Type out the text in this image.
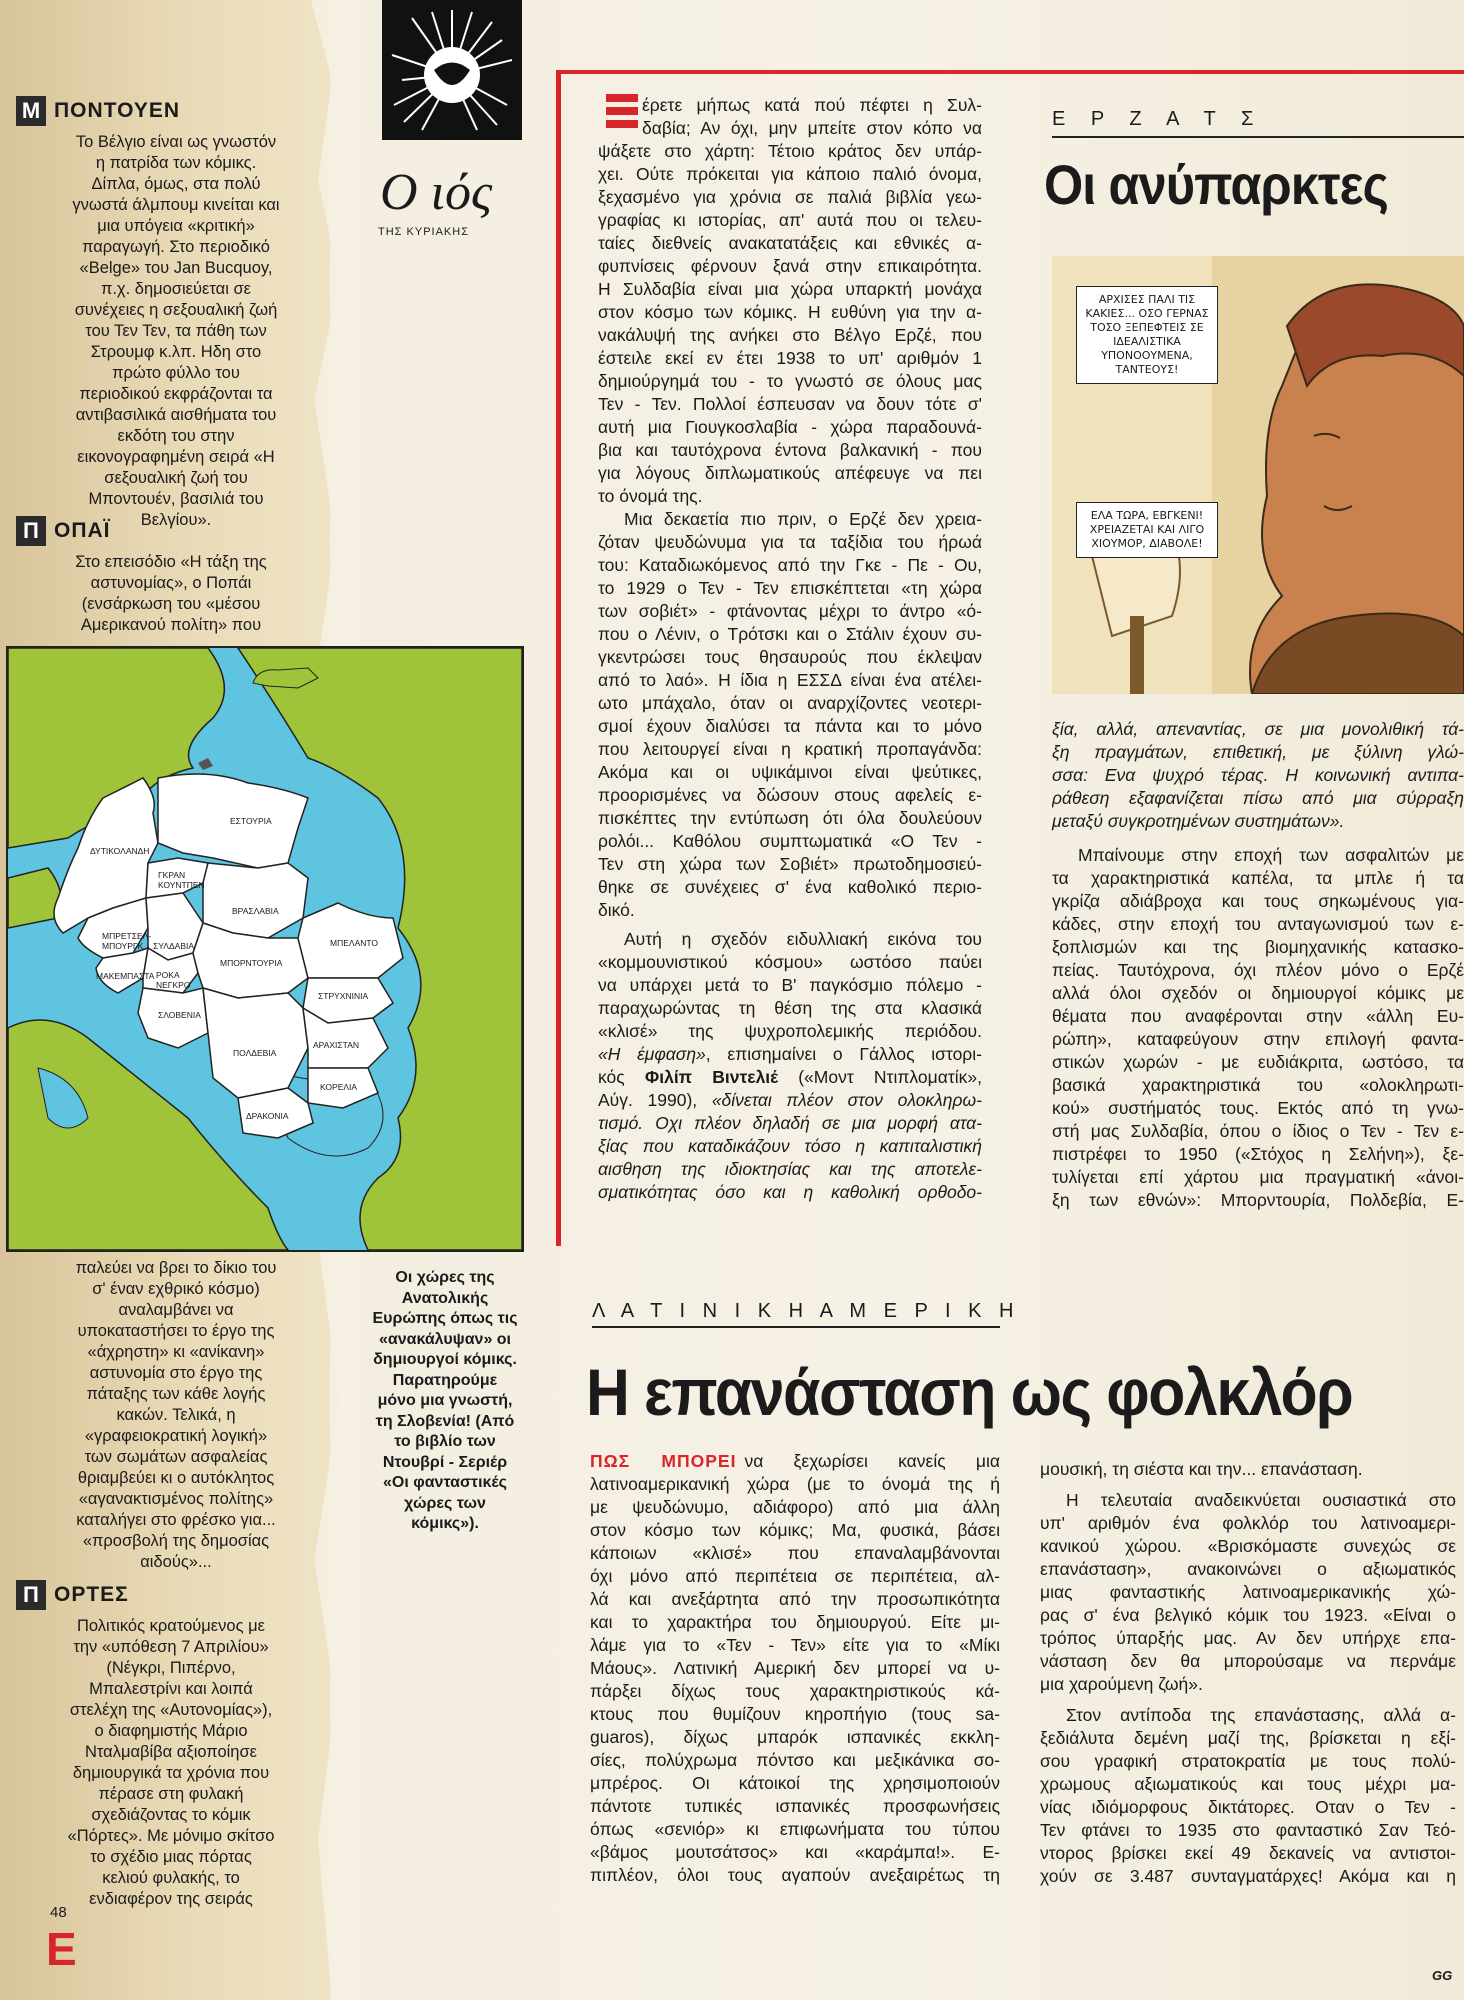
Μ ΠΟΝΤΟΥΕΝ
Το Βέλγιο είναι ως γνωστόν
η πατρίδα των κόμικς.
Δίπλα, όμως, στα πολύ
γνωστά άλμπουμ κινείται και
μια υπόγεια «κριτική»
παραγωγή. Στο περιοδικό
«Belge» του Jan Bucquoy,
π.χ. δημοσιεύεται σε
συνέχειες η σεξουαλική ζωή
του Τεν Τεν, τα πάθη των
Στρουμφ κ.λπ. Ηδη στο
πρώτο φύλλο του
περιοδικού εκφράζονται τα
αντιβασιλικά αισθήματα του
εκδότη του στην
εικονογραφημένη σειρά «Η
σεξουαλική ζωή του
Μποντουέν, βασιλιά του
Βελγίου».
Π ΟΠΑΪ
Στο επεισόδιο «Η τάξη της
αστυνομίας», ο Ποπάι
(ενσάρκωση του «μέσου
Αμερικανού πολίτη» που
ΔΥΤΙΚΟΛΑΝΔΗ
ΕΣΤΟΥΡΙΑ
ΓΚΡΑΝ ΚΟΥΝΤΠΕΝ
ΒΡΑΣΛΑΒΙΑ
ΜΠΡΕΤΣΕΛ-ΜΠΟΥΡΓΚ	ΣΥΛΔΑΒΙΑ
ΜΑΚΕΜΠΑΣΤΑ ΡΟΚΑ ΝΕΓΚΡΟ
ΣΛΟΒΕΝΙΑ
ΜΠΟΡΝΤΟΥΡΙΑ
ΜΠΕΛΑΝΤΟ
ΣΤΡΥΧΝΙΝΙΑ
ΠΟΛΔΕΒΙΑ
ΑΡΑΧΙΣΤΑΝ
ΚΟΡΕΛΙΑ
ΔΡΑΚΟΝΙΑ
παλεύει να βρει το δίκιο του
σ' έναν εχθρικό κόσμο)
αναλαμβάνει να
υποκαταστήσει το έργο της
«άχρηστη» κι «ανίκανη»
αστυνομία στο έργο της
πάταξης των κάθε λογής
κακών. Τελικά, η
«γραφειοκρατική λογική»
των σωμάτων ασφαλείας
θριαμβεύει κι ο αυτόκλητος
«αγανακτισμένος πολίτης»
καταλήγει στο φρέσκο για...
«προσβολή της δημοσίας
αιδούς»...
Οι χώρες της
Ανατολικής
Ευρώπης όπως τις
«ανακάλυψαν» οι
δημιουργοί κόμικς.
Παρατηρούμε
μόνο μια γνωστή,
τη Σλοβενία! (Από
το βιβλίο των
Ντουβρί - Σεριέρ
«Οι φανταστικές
χώρες των
κόμικς»).
Π ΟΡΤΕΣ
Πολιτικός κρατούμενος με
την «υπόθεση 7 Απριλίου»
(Νέγκρι, Πιπέρνο,
Μπαλεστρίνι και λοιπά
στελέχη της «Αυτονομίας»),
ο διαφημιστής Μάριο
Νταλμαβίβα αξιοποίησε
δημιουργικά τα χρόνια που
πέρασε στη φυλακή
σχεδιάζοντας το κόμικ
«Πόρτες». Με μόνιμο σκίτσο
το σχέδιο μιας πόρτας
κελιού φυλακής, το
ενδιαφέρον της σειράς
48
Ε
Ο ιός
ΤΗΣ ΚΥΡΙΑΚΗΣ
έρετε μήπως κατά πού πέφτει η Συλ-
δαβία; Αν όχι, μην μπείτε στον κόπο να
ψάξετε στο χάρτη: Τέτοιο κράτος δεν υπάρ-
χει. Ούτε πρόκειται για κάποιο παλιό όνομα,
ξεχασμένο για χρόνια σε παλιά βιβλία γεω-
γραφίας κι ιστορίας, απ' αυτά που οι τελευ-
ταίες διεθνείς ανακατατάξεις και εθνικές α-
φυπνίσεις φέρνουν ξανά στην επικαιρότητα.
Η Συλδαβία είναι μια χώρα υπαρκτή μονάχα
στον κόσμο των κόμικς. Η ευθύνη για την α-
νακάλυψή της ανήκει στο Βέλγο Ερζέ, που
έστειλε εκεί εν έτει 1938 το υπ' αριθμόν 1
δημιούργημά του - το γνωστό σε όλους μας
Τεν - Τεν. Πολλοί έσπευσαν να δουν τότε σ'
αυτή μια Γιουγκοσλαβία - χώρα παραδουνά-
βια και ταυτόχρονα έντονα βαλκανική - που
για λόγους διπλωματικούς απέφευγε να πει
το όνομά της.
Μια δεκαετία πιο πριν, ο Ερζέ δεν χρεια-
ζόταν ψευδώνυμα για τα ταξίδια του ήρωά
του: Καταδιωκόμενος από την Γκε - Πε - Ου,
το 1929 ο Τεν - Τεν επισκέπτεται «τη χώρα
των σοβιέτ» - φτάνοντας μέχρι το άντρο «ό-
που ο Λένιν, ο Τρότσκι και ο Στάλιν έχουν συ-
γκεντρώσει τους θησαυρούς που έκλεψαν
από το λαό». Η ίδια η ΕΣΣΔ είναι ένα ατέλει-
ωτο μπάχαλο, όταν οι αναρχίζοντες νεοτερι-
σμοί έχουν διαλύσει τα πάντα και το μόνο
που λειτουργεί είναι η κρατική προπαγάνδα:
Ακόμα και οι υψικάμινοι είναι ψεύτικες,
προορισμένες να δώσουν στους αφελείς ε-
πισκέπτες την εντύπωση ότι όλα δουλεύουν
ρολόι... Καθόλου συμπτωματικά «Ο Τεν -
Τεν στη χώρα των Σοβιέτ» πρωτοδημοσιεύ-
θηκε σε συνέχειες σ' ένα καθολικό περιο-
δικό.
Αυτή η σχεδόν ειδυλλιακή εικόνα του
«κομμουνιστικού κόσμου» ωστόσο παύει
να υπάρχει μετά το Β' παγκόσμιο πόλεμο -
παραχωρώντας τη θέση της στα κλασικά
«κλισέ» της ψυχροπολεμικής περιόδου.
«Η έμφαση», επισημαίνει ο Γάλλος ιστορι-
κός Φιλίπ Βιντελιέ («Μοντ Ντιπλοματίκ»,
Αύγ. 1990), «δίνεται πλέον στον ολοκληρω-
τισμό. Οχι πλέον δηλαδή σε μια μορφή ατα-
ξίας που καταδικάζουν τόσο η καπιταλιστική
αισθηση της ιδιοκτησίας και της αποτελε-
σματικότητας όσο και η καθολική ορθοδο-
Ε Ρ Ζ Α Τ Σ
Οι ανύπαρκτες
ΑΡΧΙΣΕΣ ΠΑΛΙ ΤΙΣ ΚΑΚΙΕΣ... ΟΣΟ ΓΕΡΝΑΣ ΤΟΣΟ ΞΕΠΕΦΤΕΙΣ ΣΕ ΙΔΕΑΛΙΣΤΙΚΑ ΥΠΟΝΟΟΥΜΕΝΑ, ΤΑΝΤΕΟΥΣ!
ΕΛΑ ΤΩΡΑ, ΕΒΓΚΕΝΙ! ΧΡΕΙΑΖΕΤΑΙ ΚΑΙ ΛΙΓΟ ΧΙΟΥΜΟΡ, ΔΙΑΒΟΛΕ!
ξία, αλλά, απεναντίας, σε μια μονολιθική τά-
ξη πραγμάτων, επιθετική, με ξύλινη γλώ-
σσα: Ενα ψυχρό τέρας. Η κοινωνική αντιπα-
ράθεση εξαφανίζεται πίσω από μια σύρραξη
μεταξύ συγκροτημένων συστημάτων».
Μπαίνουμε στην εποχή των ασφαλιτών με
τα χαρακτηριστικά καπέλα, τα μπλε ή τα
γκρίζα αδιάβροχα και τους σηκωμένους για-
κάδες, στην εποχή του ανταγωνισμού των ε-
ξοπλισμών και της βιομηχανικής κατασκο-
πείας. Ταυτόχρονα, όχι πλέον μόνο ο Ερζέ
αλλά όλοι σχεδόν οι δημιουργοί κόμικς με
θέματα που αναφέρονται στην «άλλη Ευ-
ρώπη», καταφεύγουν στην επιλογή φαντα-
στικών χωρών - με ευδιάκριτα, ωστόσο, τα
βασικά χαρακτηριστικά του «ολοκληρωτι-
κού» συστήματός τους. Εκτός από τη γνω-
στή μας Συλδαβία, όπου ο ίδιος ο Τεν - Τεν ε-
πιστρέφει το 1950 («Στόχος η Σελήνη»), ξε-
τυλίγεται επί χάρτου μια πραγματική «άνοι-
ξη των εθνών»: Μπορντουρία, Πολδεβία, Ε-
Λ Α Τ Ι Ν Ι Κ Η Α Μ Ε Ρ Ι Κ Η
Η επανάσταση ως φολκλόρ
ΠΩΣ ΜΠΟΡΕΙ να ξεχωρίσει κανείς μια
λατινοαμερικανική χώρα (με το όνομά της ή
με ψευδώνυμο, αδιάφορο) από μια άλλη
στον κόσμο των κόμικς; Μα, φυσικά, βάσει
κάποιων «κλισέ» που επαναλαμβάνονται
όχι μόνο από περιπέτεια σε περιπέτεια, αλ-
λά και ανεξάρτητα από την προσωπικότητα
και το χαρακτήρα του δημιουργού. Είτε μι-
λάμε για το «Τεν - Τεν» είτε για το «Μίκι
Μάους». Λατινική Αμερική δεν μπορεί να υ-
πάρξει δίχως τους χαρακτηριστικούς κά-
κτους που θυμίζουν κηροπήγιο (τους sa-
guaros), δίχως μπαρόκ ισπανικές εκκλη-
σίες, πολύχρωμα πόντσο και μεξικάνικα σο-
μπρέρος. Οι κάτοικοί της χρησιμοποιούν
πάντοτε τυπικές ισπανικές προσφωνήσεις
όπως «σενιόρ» κι επιφωνήματα του τύπου
«βάμος μουτσάτσος» και «καράμπα!». Ε-
πιπλέον, όλοι τους αγαπούν ανεξαιρέτως τη
μουσική, τη σιέστα και την... επανάσταση.
Η τελευταία αναδεικνύεται ουσιαστικά στο
υπ' αριθμόν ένα φολκλόρ του λατινοαμερι-
κανικού χώρου. «Βρισκόμαστε συνεχώς σε
επανάσταση», ανακοινώνει ο αξιωματικός
μιας φανταστικής λατινοαμερικανικής χώ-
ρας σ' ένα βελγικό κόμικ του 1923. «Είναι ο
τρόπος ύπαρξής μας. Αν δεν υπήρχε επα-
νάσταση δεν θα μπορούσαμε να περνάμε
μια χαρούμενη ζωή».
Στον αντίποδα της επανάστασης, αλλά α-
ξεδιάλυτα δεμένη μαζί της, βρίσκεται η εξί-
σου γραφική στρατοκρατία με τους πολύ-
χρωμους αξιωματικούς και τους μέχρι μα-
νίας ιδιόμορφους δικτάτορες. Οταν ο Τεν -
Τεν φτάνει το 1935 στο φανταστικό Σαν Τεό-
ντορος βρίσκει εκεί 49 δεκανείς να αντιστοι-
χούν σε 3.487 συνταγματάρχες! Ακόμα και η
GG
